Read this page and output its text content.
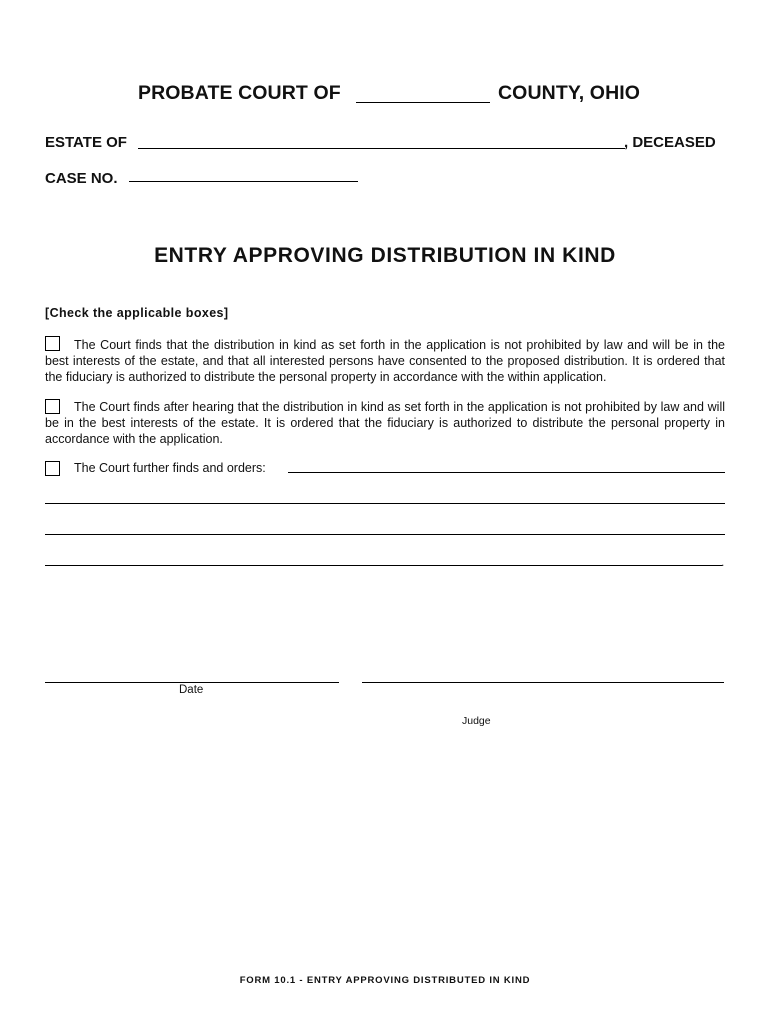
PROBATE COURT OF	COUNTY, OHIO
ESTATE OF	, DECEASED
CASE NO.
ENTRY APPROVING DISTRIBUTION IN KIND
[Check the applicable boxes]
The Court finds that the distribution in kind as set forth in the application is not prohibited by law and will be in the best interests of the estate, and that all interested persons have consented to the proposed distribution. It is ordered that the fiduciary is authorized to distribute the personal property in accordance with the within application.
The Court finds after hearing that the distribution in kind as set forth in the application is not prohibited by law and will be in the best interests of the estate. It is ordered that the fiduciary is authorized to distribute the personal property in accordance with the application.
The Court further finds and orders:
.
Date
Judge
FORM 10.1 - ENTRY APPROVING DISTRIBUTED IN KIND
